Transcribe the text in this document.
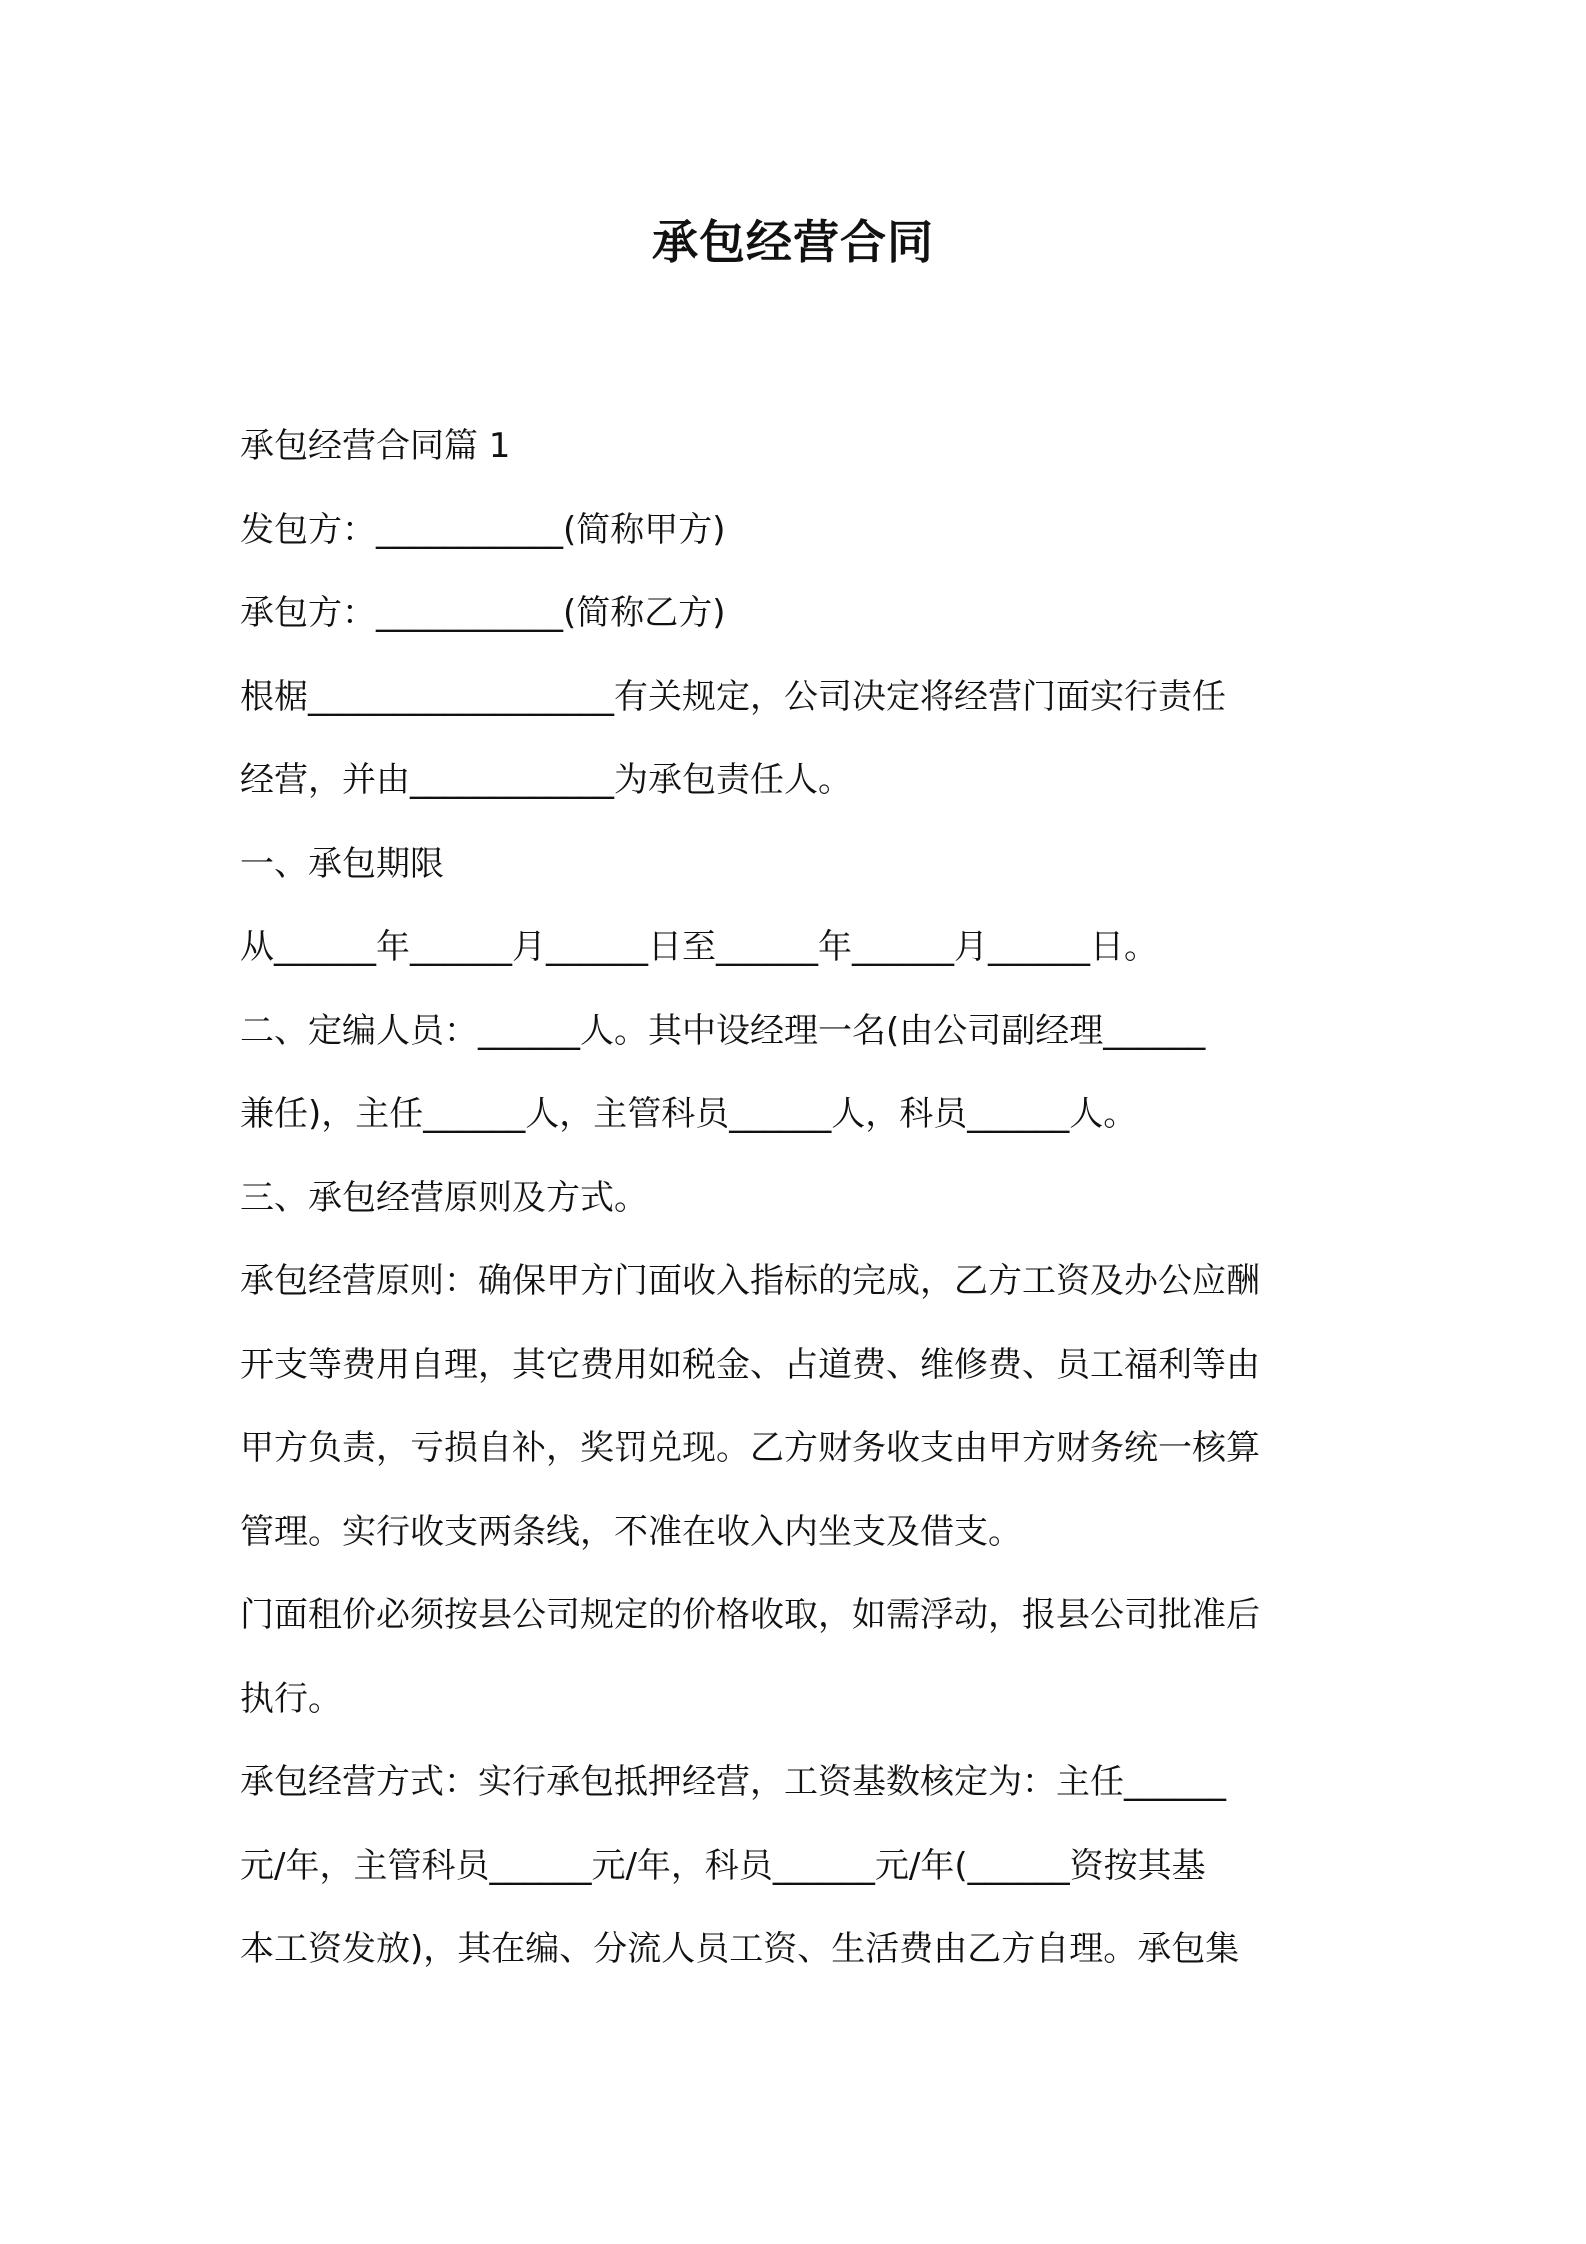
承包经营合同
承包经营合同篇 1
发包方：___________(简称甲方)
承包方：___________(简称乙方)
根椐__________________有关规定，公司决定将经营门面实行责任
经营，并由____________为承包责任人。
一、承包期限
从______年______月______日至______年______月______日。
二、定编人员：______人。其中设经理一名(由公司副经理______
兼任)，主任______人，主管科员______人，科员______人。
三、承包经营原则及方式。
承包经营原则：确保甲方门面收入指标的完成，乙方工资及办公应酬
开支等费用自理，其它费用如税金、占道费、维修费、员工福利等由
甲方负责，亏损自补，奖罚兑现。乙方财务收支由甲方财务统一核算
管理。实行收支两条线，不准在收入内坐支及借支。
门面租价必须按县公司规定的价格收取，如需浮动，报县公司批准后
执行。
承包经营方式：实行承包抵押经营，工资基数核定为：主任______
元/年，主管科员______元/年，科员______元/年(______资按其基
本工资发放)，其在编、分流人员工资、生活费由乙方自理。承包集
